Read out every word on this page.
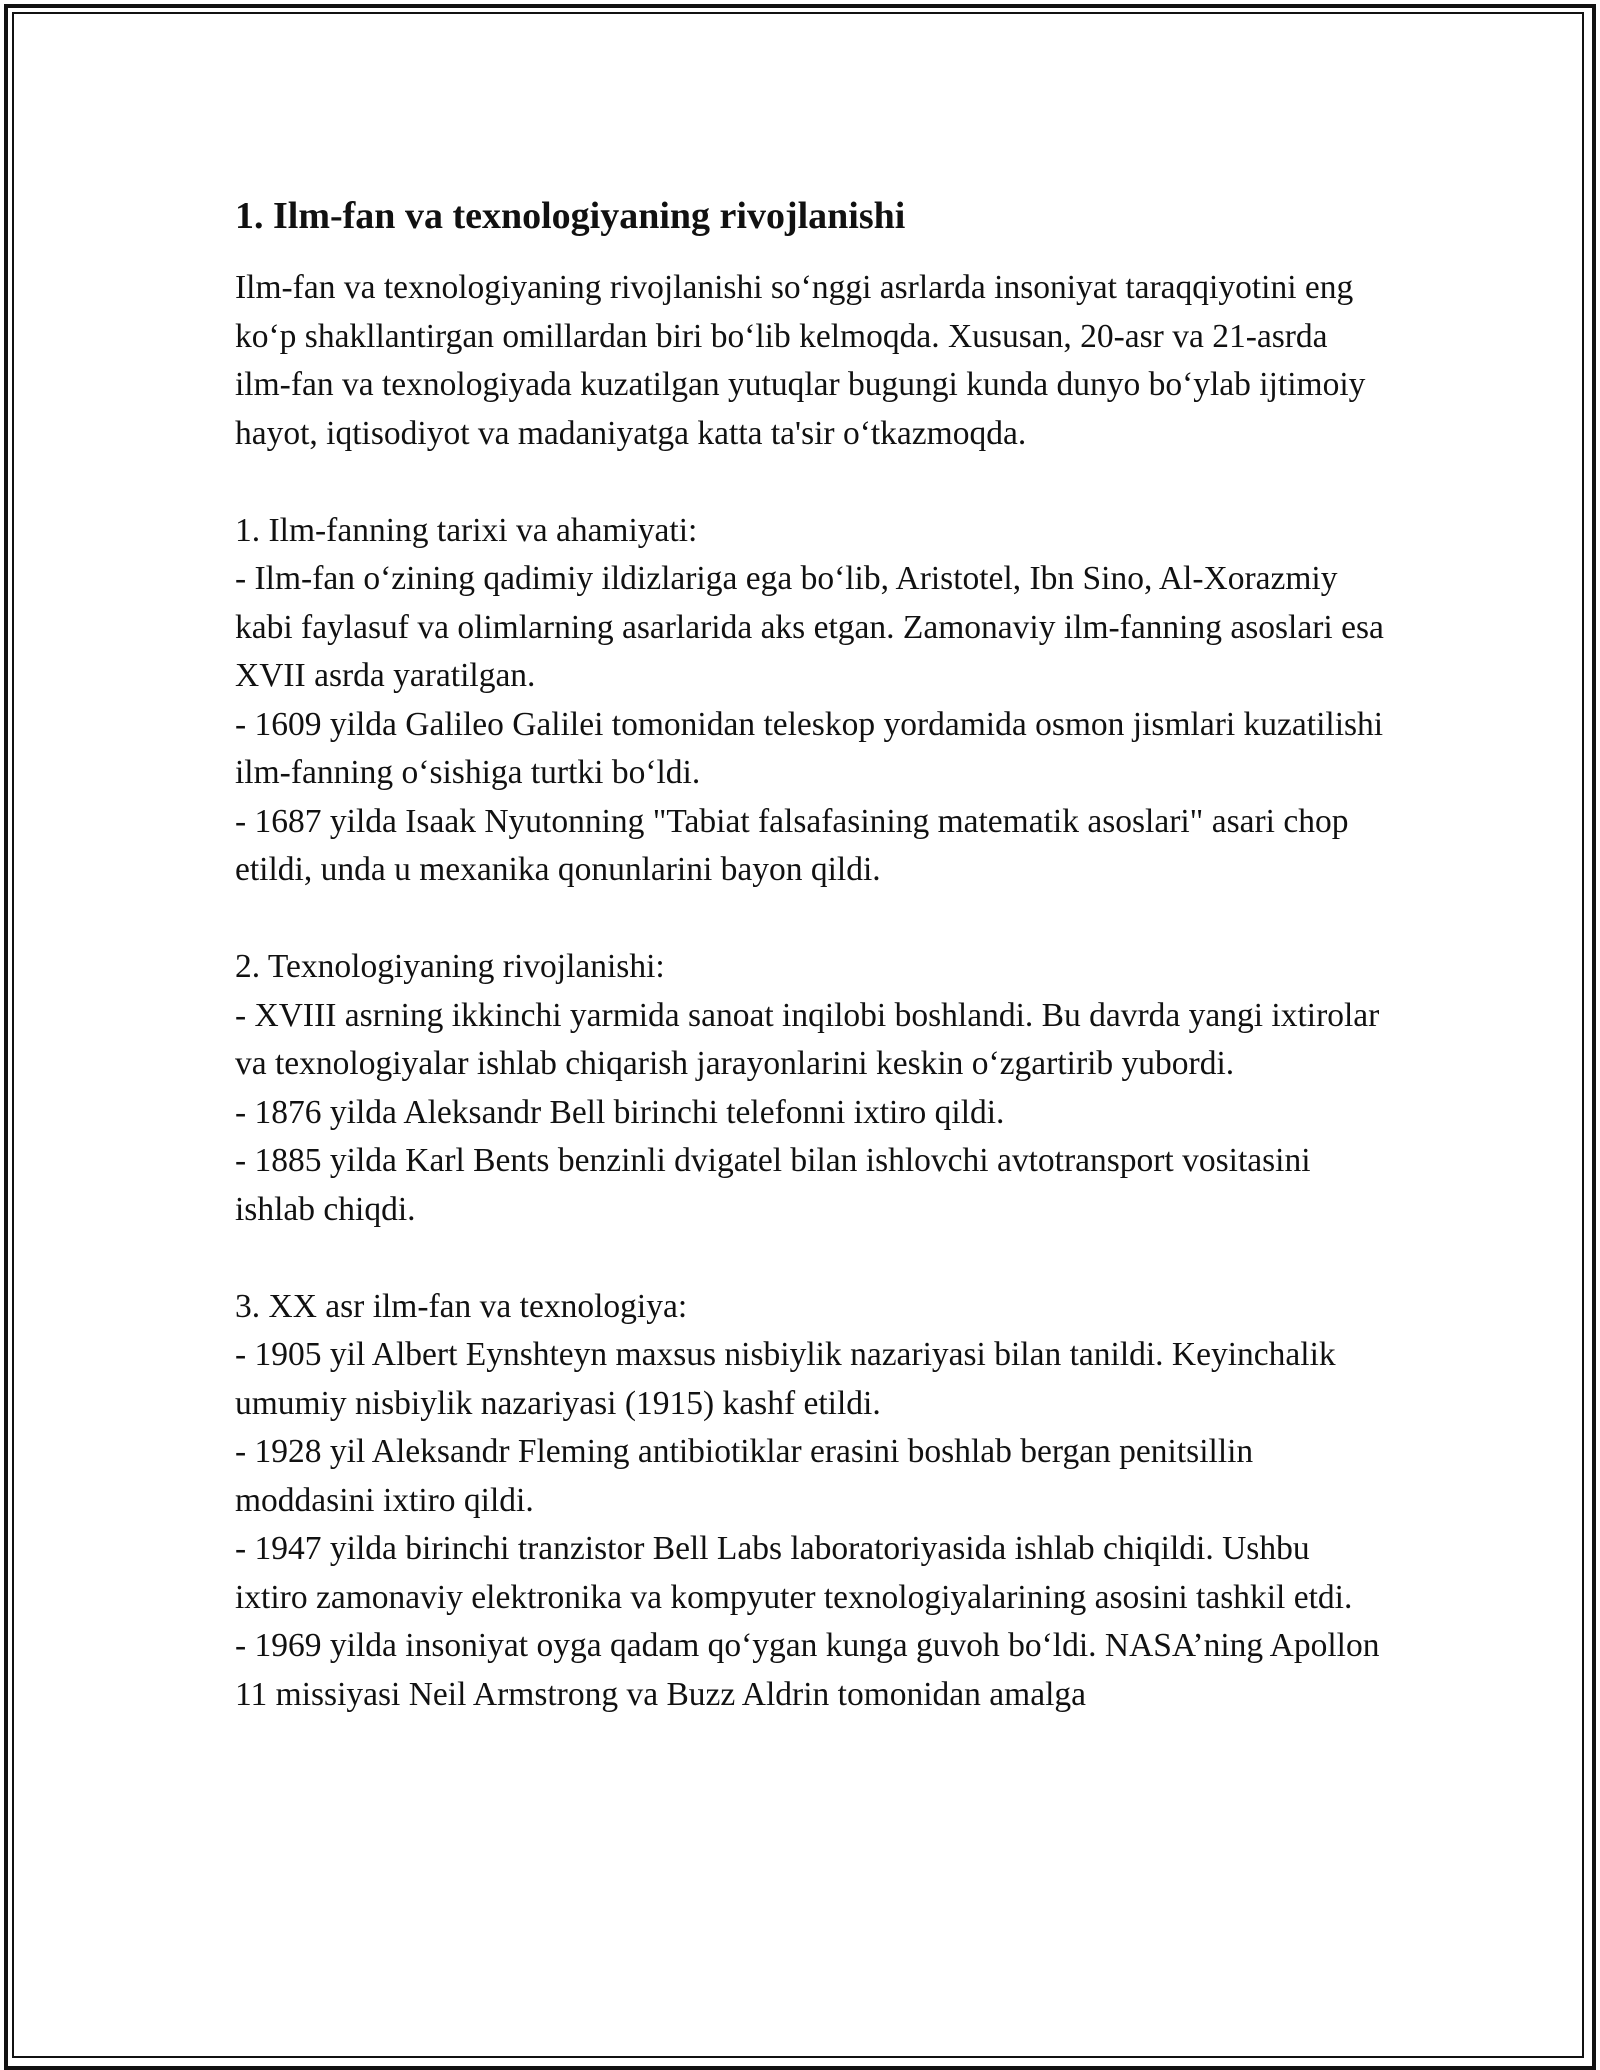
1. Ilm-fan va texnologiyaning rivojlanishi

Ilm-fan va texnologiyaning rivojlanishi so‘nggi asrlarda insoniyat taraqqiyotini eng ko‘p shakllantirgan omillardan biri bo‘lib kelmoqda. Xususan, 20-asr va 21-asrda ilm-fan va texnologiyada kuzatilgan yutuqlar bugungi kunda dunyo bo‘ylab ijtimoiy hayot, iqtisodiyot va madaniyatga katta ta'sir o‘tkazmoqda.

1. Ilm-fanning tarixi va ahamiyati:
- Ilm-fan o‘zining qadimiy ildizlariga ega bo‘lib, Aristotel, Ibn Sino, Al-Xorazmiy kabi faylasuf va olimlarning asarlarida aks etgan. Zamonaviy ilm-fanning asoslari esa XVII asrda yaratilgan.
- 1609 yilda Galileo Galilei tomonidan teleskop yordamida osmon jismlari kuzatilishi ilm-fanning o‘sishiga turtki bo‘ldi.
- 1687 yilda Isaak Nyutonning "Tabiat falsafasining matematik asoslari" asari chop etildi, unda u mexanika qonunlarini bayon qildi.
2. Texnologiyaning rivojlanishi:
- XVIII asrning ikkinchi yarmida sanoat inqilobi boshlandi. Bu davrda yangi ixtirolar va texnologiyalar ishlab chiqarish jarayonlarini keskin o‘zgartirib yubordi.
- 1876 yilda Aleksandr Bell birinchi telefonni ixtiro qildi.
- 1885 yilda Karl Bents benzinli dvigatel bilan ishlovchi avtotransport vositasini ishlab chiqdi.
3. XX asr ilm-fan va texnologiya:
- 1905 yil Albert Eynshteyn maxsus nisbiylik nazariyasi bilan tanildi. Keyinchalik umumiy nisbiylik nazariyasi (1915) kashf etildi.
- 1928 yil Aleksandr Fleming antibiotiklar erasini boshlab bergan penitsillin moddasini ixtiro qildi.
- 1947 yilda birinchi tranzistor Bell Labs laboratoriyasida ishlab chiqildi. Ushbu ixtiro zamonaviy elektronika va kompyuter texnologiyalarining asosini tashkil etdi.
- 1969 yilda insoniyat oyga qadam qo‘ygan kunga guvoh bo‘ldi. NASA’ning Apollon 11 missiyasi Neil Armstrong va Buzz Aldrin tomonidan amalga
